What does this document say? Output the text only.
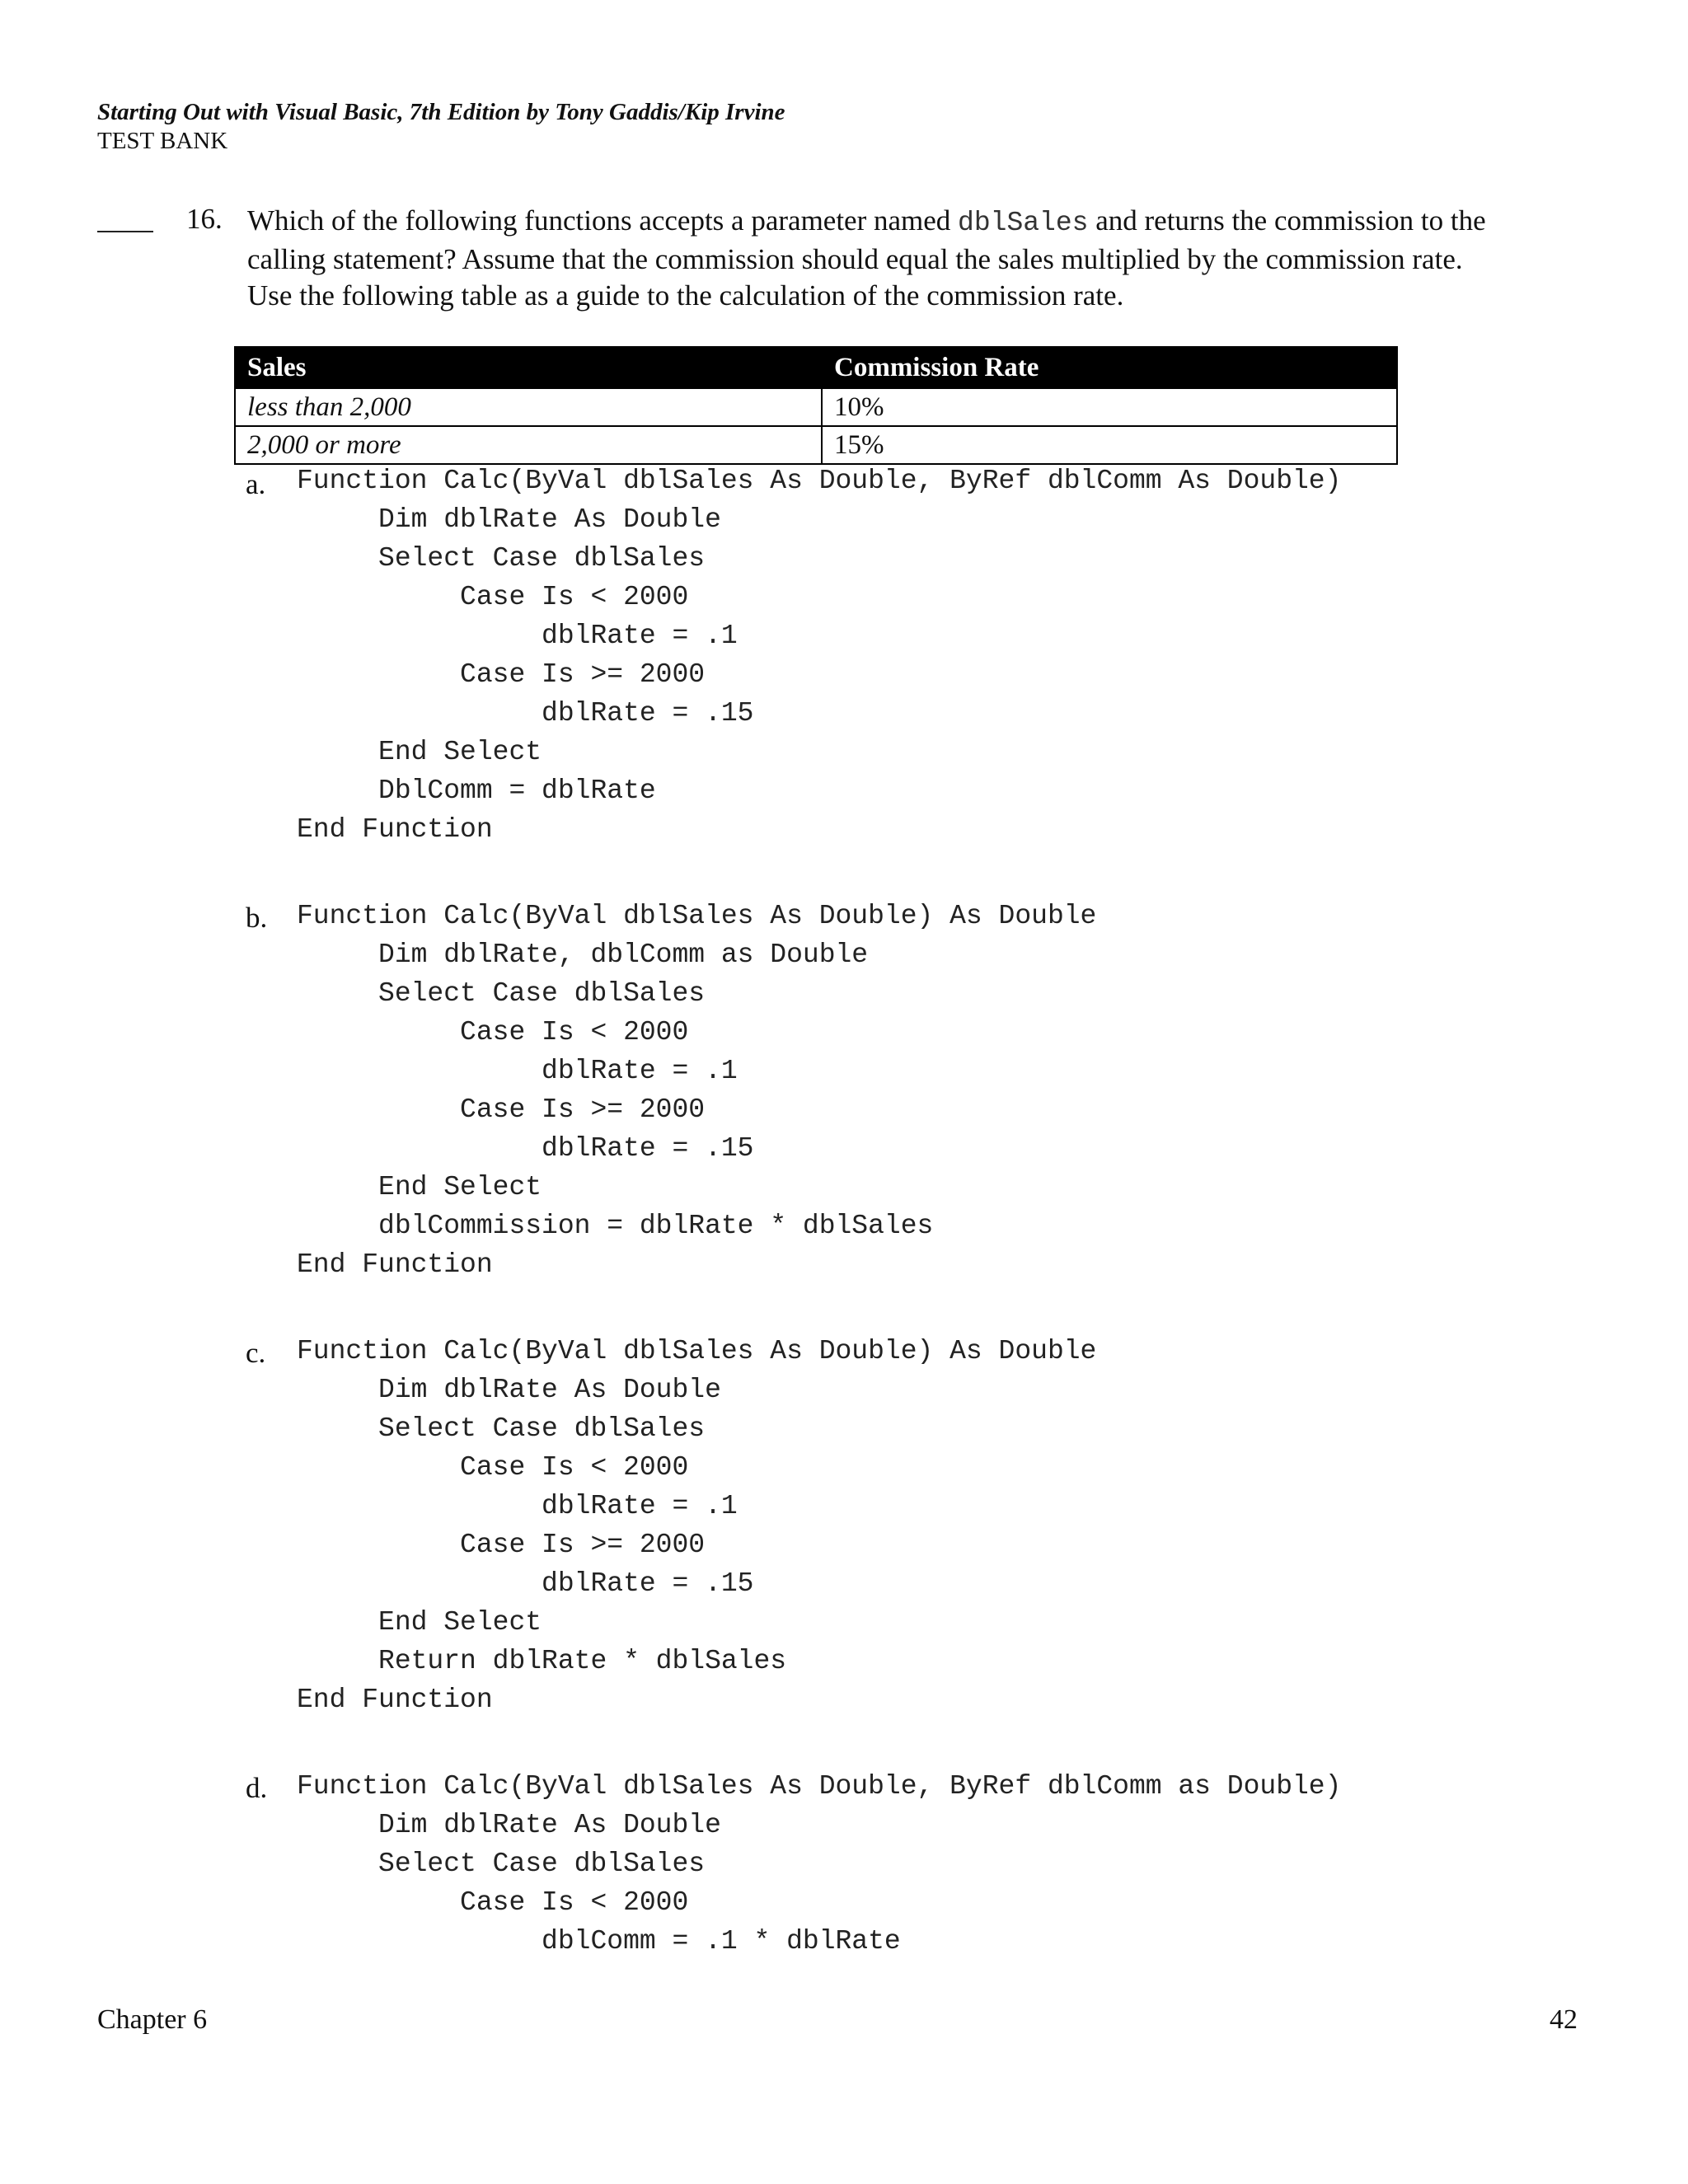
Starting Out with Visual Basic, 7th Edition by Tony Gaddis/Kip Irvine
TEST BANK
16. Which of the following functions accepts a parameter named dblSales and returns the commission to the
calling statement? Assume that the commission should equal the sales multiplied by the commission rate.
Use the following table as a guide to the calculation of the commission rate.
Sales	Commission Rate
less than 2,000	10%
2,000 or more	15%
a. Function Calc(ByVal dblSales As Double, ByRef dblComm As Double)
Dim dblRate As Double
Select Case dblSales
Case Is < 2000
dblRate = .1
Case Is >= 2000
dblRate = .15
End Select
DblComm = dblRate
End Function
b. Function Calc(ByVal dblSales As Double) As Double
Dim dblRate, dblComm as Double
Select Case dblSales
Case Is < 2000
dblRate = .1
Case Is >= 2000
dblRate = .15
End Select
dblCommission = dblRate * dblSales
End Function
c. Function Calc(ByVal dblSales As Double) As Double
Dim dblRate As Double
Select Case dblSales
Case Is < 2000
dblRate = .1
Case Is >= 2000
dblRate = .15
End Select
Return dblRate * dblSales
End Function
d. Function Calc(ByVal dblSales As Double, ByRef dblComm as Double)
Dim dblRate As Double
Select Case dblSales
Case Is < 2000
dblComm = .1 * dblRate
Chapter 6	42
